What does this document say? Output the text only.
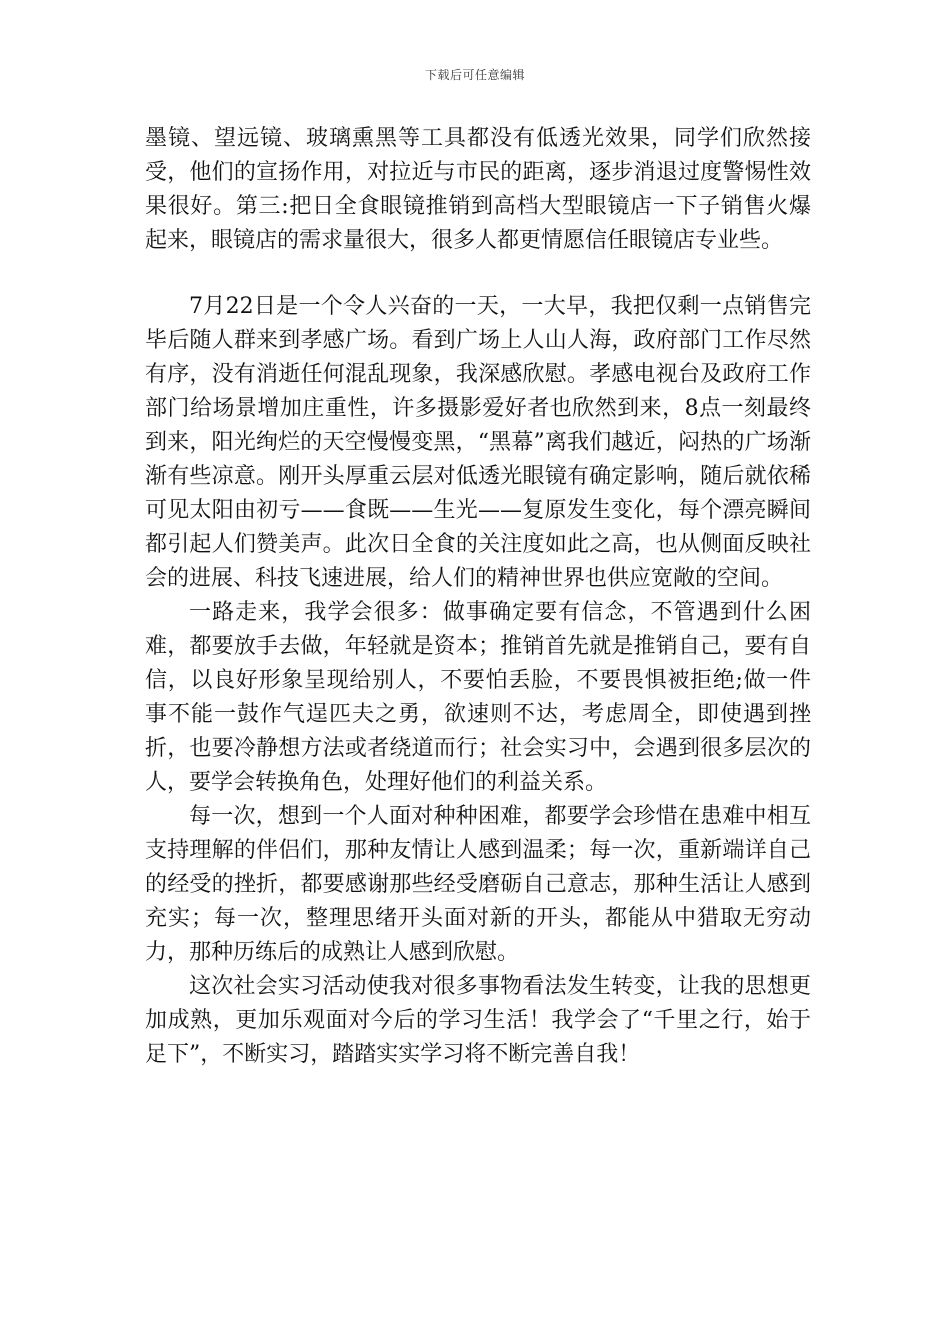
下载后可任意编辑

墨镜、望远镜、玻璃熏黑等工具都没有低透光效果，同学们欣然接受，他们的宣扬作用，对拉近与市民的距离，逐步消退过度警惕性效果很好。第三:把日全食眼镜推销到高档大型眼镜店一下子销售火爆起来，眼镜店的需求量很大，很多人都更情愿信任眼镜店专业些。

7月22日是一个令人兴奋的一天，一大早，我把仅剩一点销售完毕后随人群来到孝感广场。看到广场上人山人海，政府部门工作尽然有序，没有消逝任何混乱现象，我深感欣慰。孝感电视台及政府工作部门给场景增加庄重性，许多摄影爱好者也欣然到来，8点一刻最终到来，阳光绚烂的天空慢慢变黑，“黑幕”离我们越近，闷热的广场渐渐有些凉意。刚开头厚重云层对低透光眼镜有确定影响，随后就依稀可见太阳由初亏——食既——生光——复原发生变化，每个漂亮瞬间都引起人们赞美声。此次日全食的关注度如此之高，也从侧面反映社会的进展、科技飞速进展，给人们的精神世界也供应宽敞的空间。

一路走来，我学会很多：做事确定要有信念，不管遇到什么困难，都要放手去做，年轻就是资本；推销首先就是推销自己，要有自信，以良好形象呈现给别人，不要怕丢脸，不要畏惧被拒绝;做一件事不能一鼓作气逞匹夫之勇，欲速则不达，考虑周全，即使遇到挫折，也要冷静想方法或者绕道而行；社会实习中，会遇到很多层次的人，要学会转换角色，处理好他们的利益关系。

每一次，想到一个人面对种种困难，都要学会珍惜在患难中相互支持理解的伴侣们，那种友情让人感到温柔；每一次，重新端详自己的经受的挫折，都要感谢那些经受磨砺自己意志，那种生活让人感到充实；每一次，整理思绪开头面对新的开头，都能从中猎取无穷动力，那种历练后的成熟让人感到欣慰。

这次社会实习活动使我对很多事物看法发生转变，让我的思想更加成熟，更加乐观面对今后的学习生活！我学会了“千里之行，始于足下”，不断实习，踏踏实实学习将不断完善自我！
